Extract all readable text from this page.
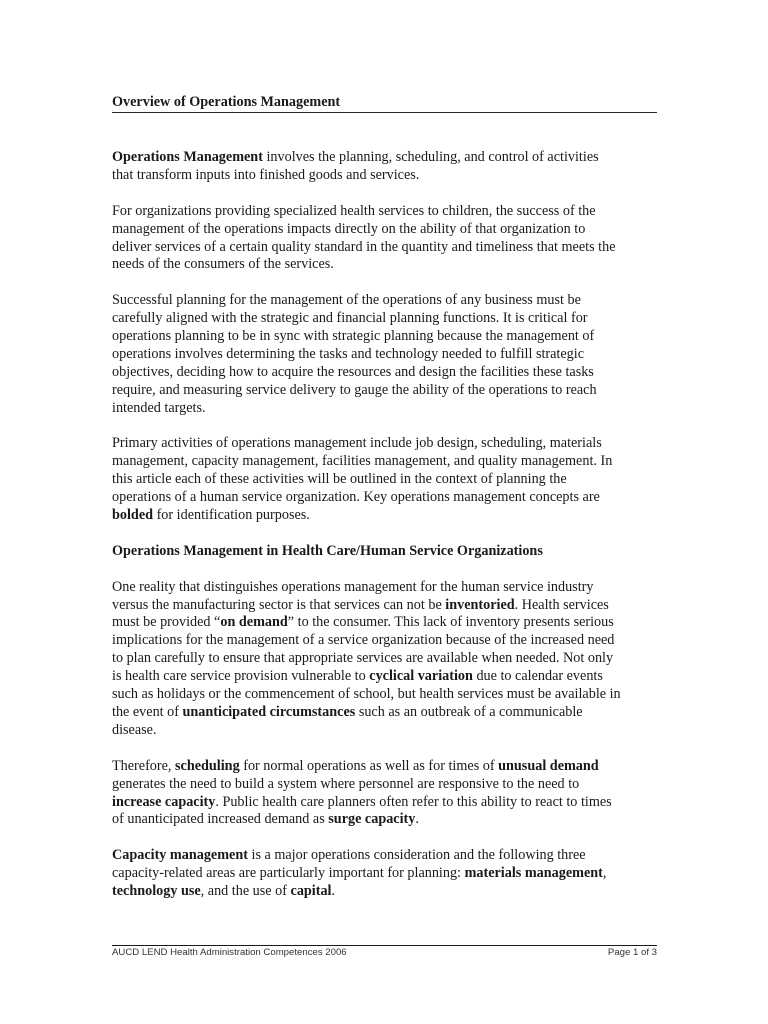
Overview of Operations Management

Operations Management involves the planning, scheduling, and control of activities

that transform inputs into finished goods and services.

For organizations providing specialized health services to children, the success of the

management of the operations impacts directly on the ability of that organization to

deliver services of a certain quality standard in the quantity and timeliness that meets the

needs of the consumers of the services.

Successful planning for the management of the operations of any business must be

carefully aligned with the strategic and financial planning functions. It is critical for

operations planning to be in sync with strategic planning because the management of

operations involves determining the tasks and technology needed to fulfill strategic

objectives, deciding how to acquire the resources and design the facilities these tasks

require, and measuring service delivery to gauge the ability of the operations to reach

intended targets.

Primary activities of operations management include job design, scheduling, materials

management, capacity management, facilities management, and quality management. In

this article each of these activities will be outlined in the context of planning the

operations of a human service organization. Key operations management concepts are

bolded for identification purposes.

Operations Management in Health Care/Human Service Organizations

One reality that distinguishes operations management for the human service industry

versus the manufacturing sector is that services can not be inventoried. Health services

must be provided “on demand” to the consumer. This lack of inventory presents serious

implications for the management of a service organization because of the increased need

to plan carefully to ensure that appropriate services are available when needed. Not only

is health care service provision vulnerable to cyclical variation due to calendar events

such as holidays or the commencement of school, but health services must be available in

the event of unanticipated circumstances such as an outbreak of a communicable

disease.

Therefore, scheduling for normal operations as well as for times of unusual demand

generates the need to build a system where personnel are responsive to the need to

increase capacity. Public health care planners often refer to this ability to react to times

of unanticipated increased demand as surge capacity.

Capacity management is a major operations consideration and the following three

capacity-related areas are particularly important for planning: materials management,

technology use, and the use of capital.

AUCD LEND Health Administration Competences 2006	Page 1 of 3
